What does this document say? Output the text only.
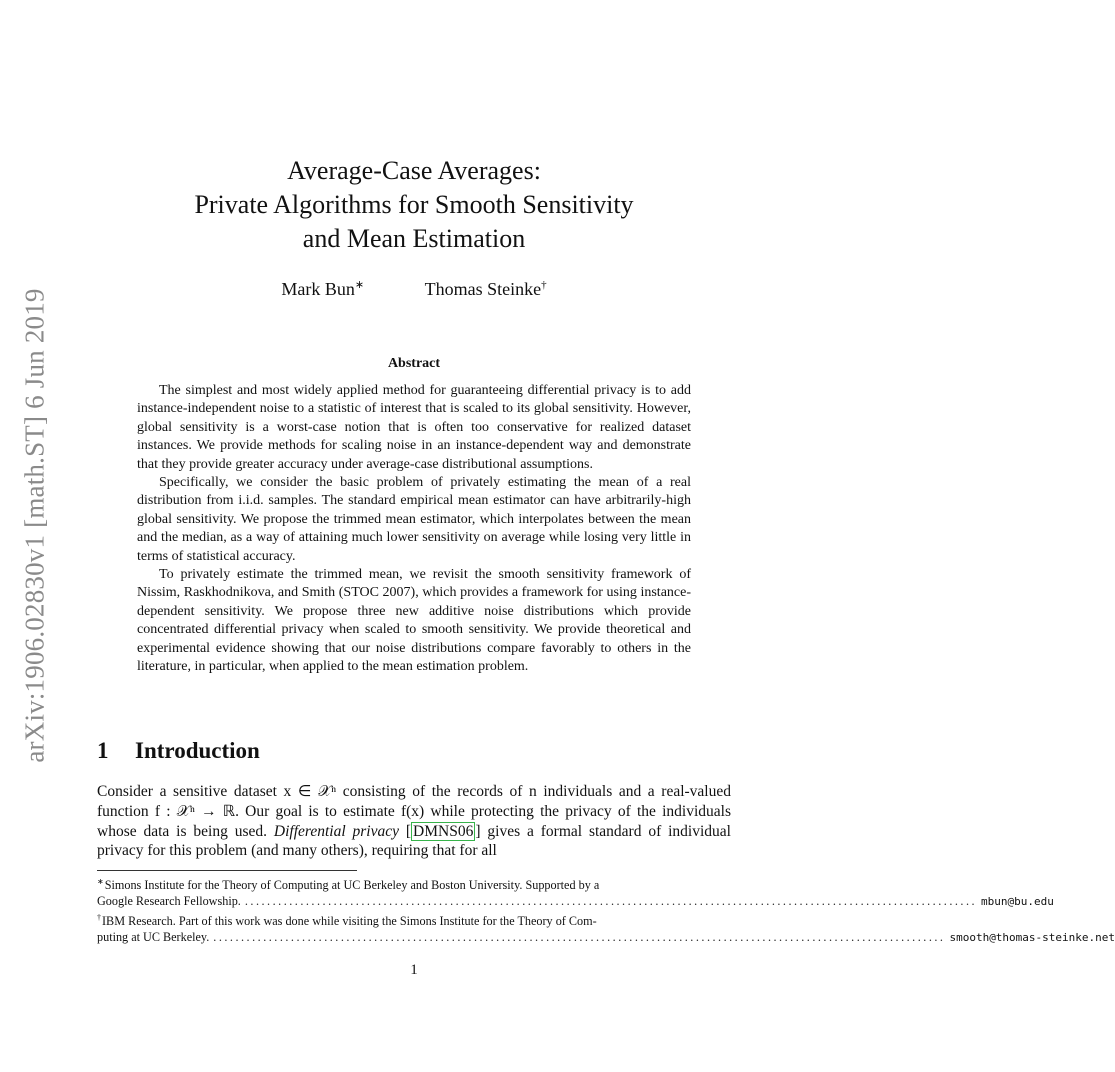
arXiv:1906.02830v1 [math.ST] 6 Jun 2019
Average-Case Averages:
Private Algorithms for Smooth Sensitivity
and Mean Estimation
Mark Bun∗	Thomas Steinke†
Abstract

The simplest and most widely applied method for guaranteeing differential privacy is to add instance-independent noise to a statistic of interest that is scaled to its global sensitivity. However, global sensitivity is a worst-case notion that is often too conservative for realized dataset instances. We provide methods for scaling noise in an instance-dependent way and demonstrate that they provide greater accuracy under average-case distributional assumptions.

Specifically, we consider the basic problem of privately estimating the mean of a real distribution from i.i.d. samples. The standard empirical mean estimator can have arbitrarily-high global sensitivity. We propose the trimmed mean estimator, which interpolates between the mean and the median, as a way of attaining much lower sensitivity on average while losing very little in terms of statistical accuracy.

To privately estimate the trimmed mean, we revisit the smooth sensitivity framework of Nissim, Raskhodnikova, and Smith (STOC 2007), which provides a framework for using instance-dependent sensitivity. We propose three new additive noise distributions which provide concentrated differential privacy when scaled to smooth sensitivity. We provide theoretical and experimental evidence showing that our noise distributions compare favorably to others in the literature, in particular, when applied to the mean estimation problem.

1 Introduction

Consider a sensitive dataset x ∈ 𝒳ⁿ consisting of the records of n individuals and a real-valued function f : 𝒳ⁿ → ℝ. Our goal is to estimate f(x) while protecting the privacy of the individuals whose data is being used. Differential privacy [ DMNS06 ] gives a formal standard of individual privacy for this problem (and many others), requiring that for all

∗Simons Institute for the Theory of Computing at UC Berkeley and Boston University. Supported by a
Google Research Fellowship. .................................................................................................................................... mbun@bu.edu
†IBM Research. Part of this work was done while visiting the Simons Institute for the Theory of Com-
puting at UC Berkeley. .................................................................................................................................... smooth@thomas-steinke.net
1
